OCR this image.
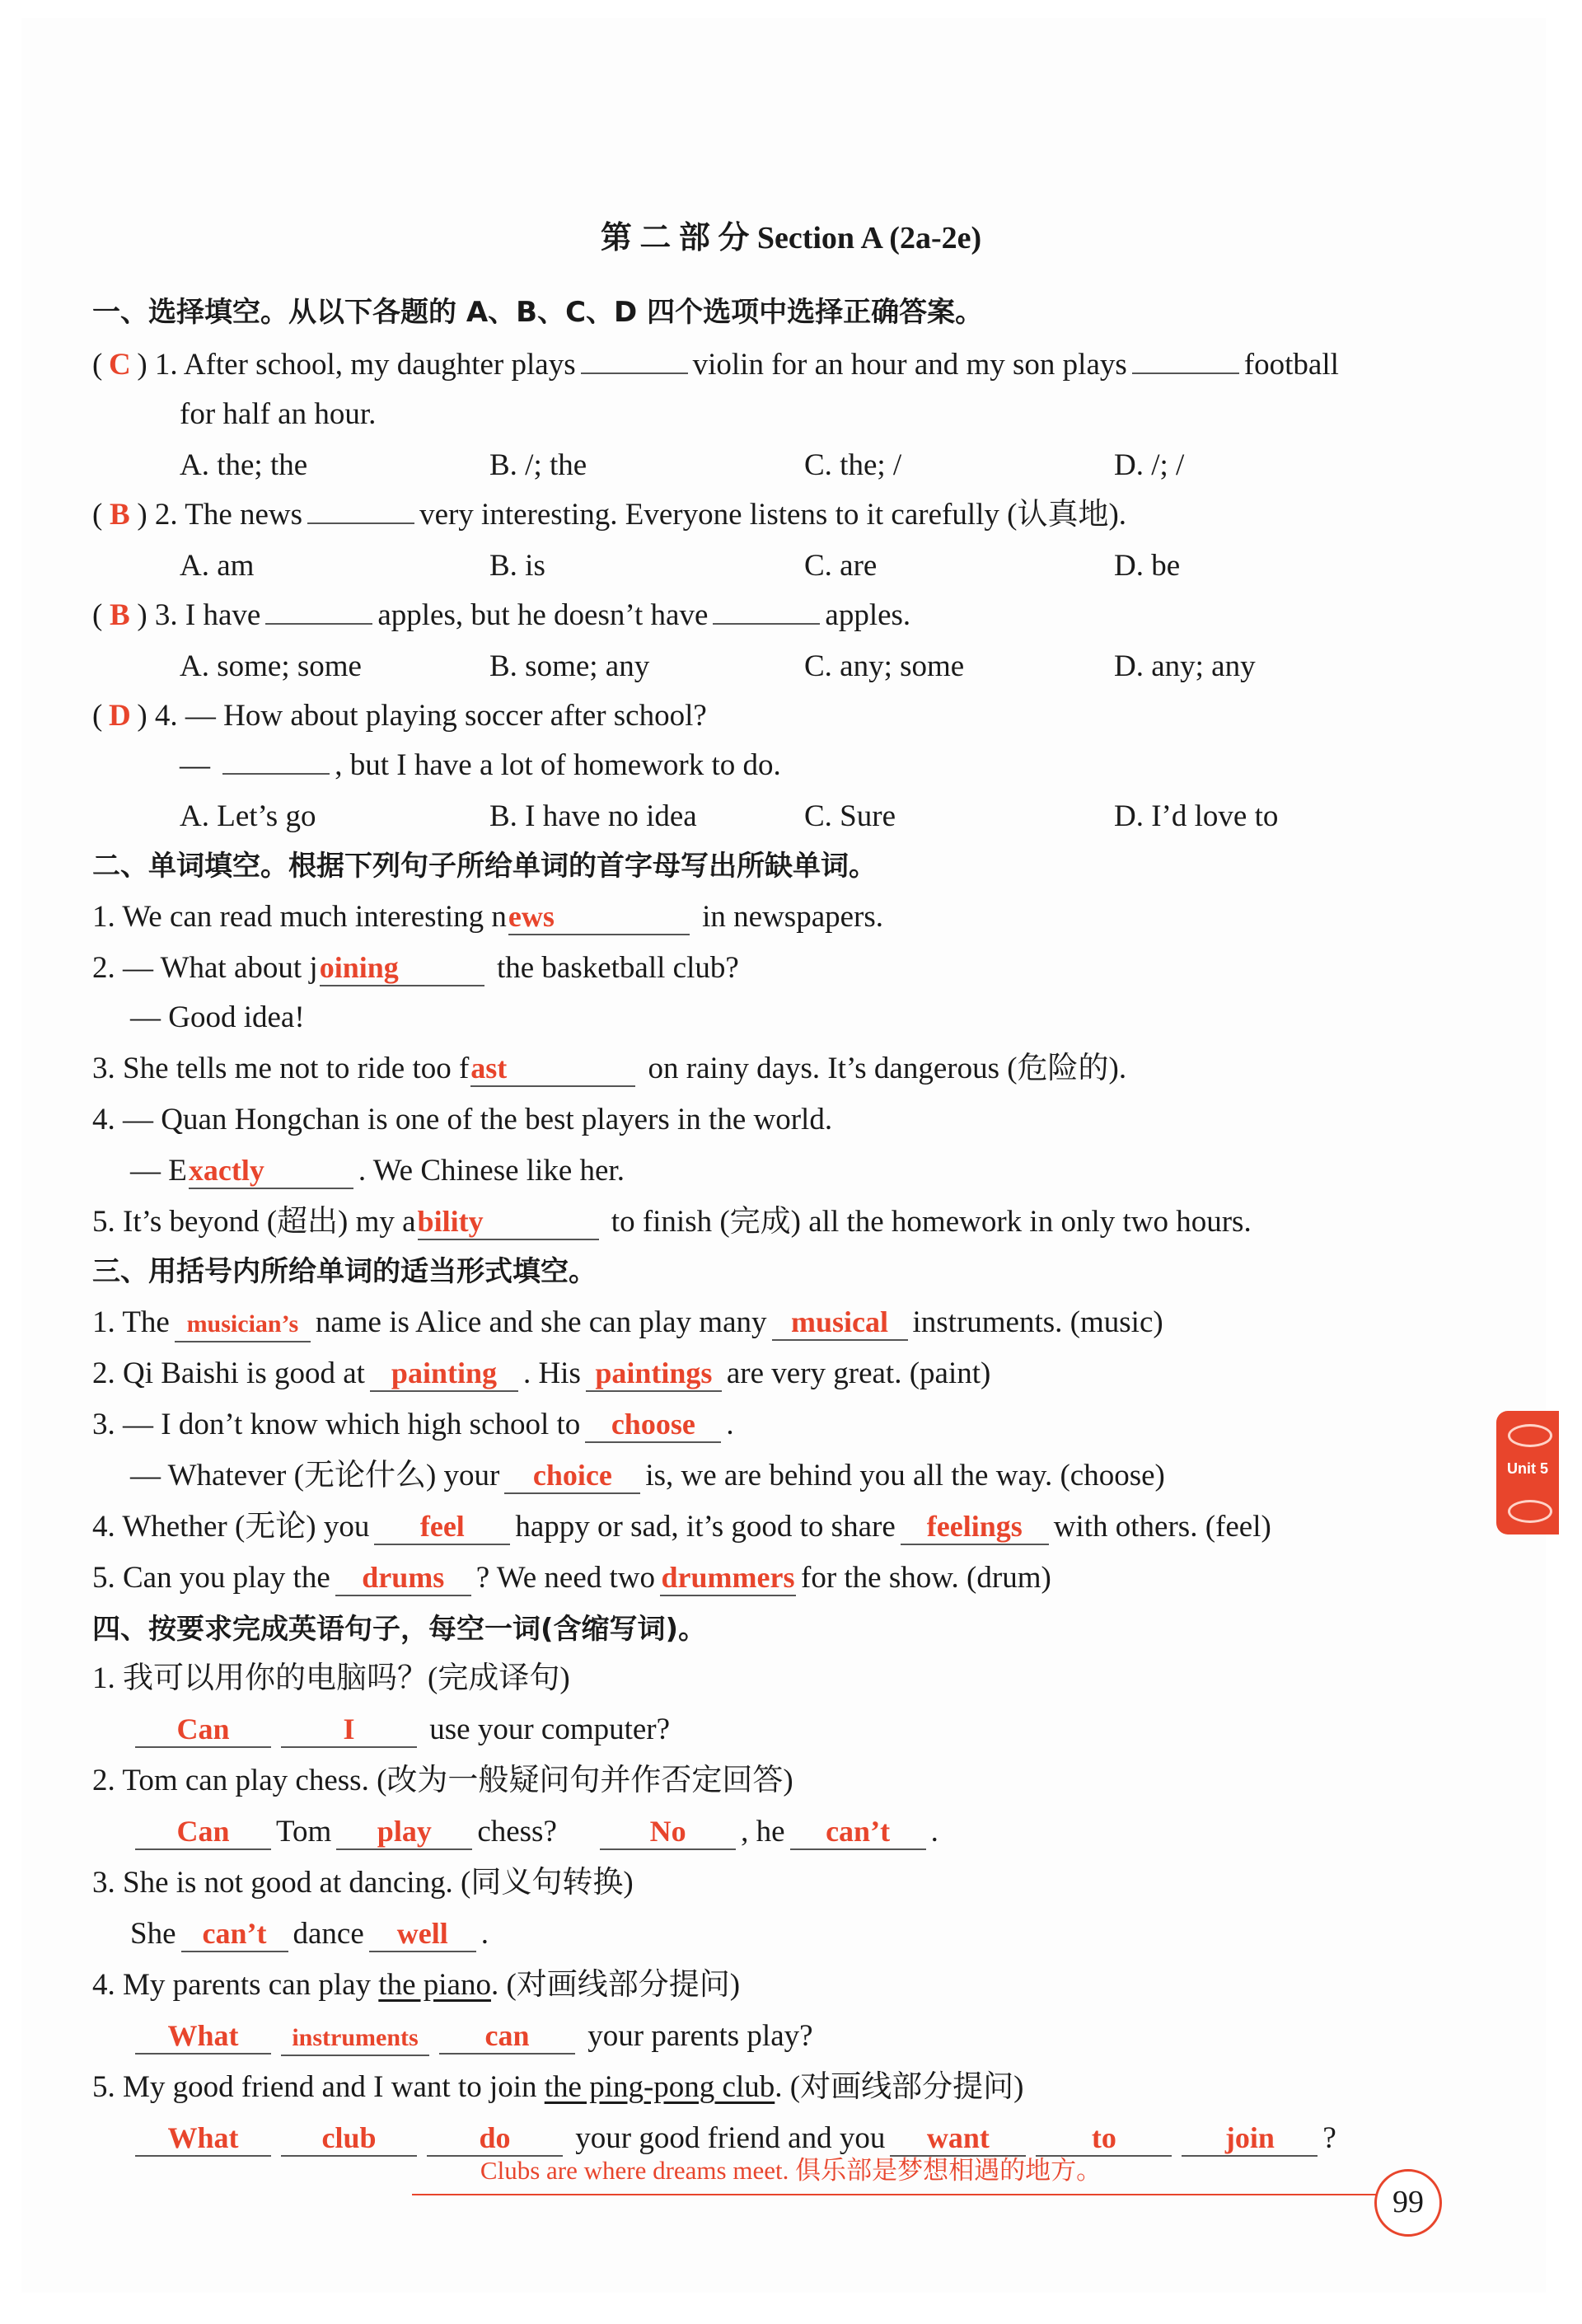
第 二 部 分 Section A (2a-2e)
一、选择填空。从以下各题的 A、B、C、D 四个选项中选择正确答案。
( C ) 1. After school, my daughter plays	violin for an hour and my son plays	football
for half an hour.
A. the; the	B. /; the	C. the; /	D. /; /
( B ) 2. The news	very interesting. Everyone listens to it carefully (认真地).
A. am	B. is	C. are	D. be
( B ) 3. I have	apples, but he doesn’t have	apples.
A. some; some	B. some; any	C. any; some	D. any; any
( D ) 4. — How about playing soccer after school?
—	, but I have a lot of homework to do.
A. Let’s go	B. I have no idea	C. Sure	D. I’d love to
二、单词填空。根据下列句子所给单词的首字母写出所缺单词。
1. We can read much interesting news	in newspapers.
2. — What about joining	the basketball club?
— Good idea!
3. She tells me not to ride too fast	on rainy days. It’s dangerous (危险的).
4. — Quan Hongchan is one of the best players in the world.
— Exactly	. We Chinese like her.
5. It’s beyond (超出) my ability	to finish (完成) all the homework in only two hours.
三、用括号内所给单词的适当形式填空。
1. The musician’s name is Alice and she can play many musical instruments. (music)
2. Qi Baishi is good at painting . His paintings are very great. (paint)
3. — I don’t know which high school to choose .
— Whatever (无论什么) your choice is, we are behind you all the way. (choose)
4. Whether (无论) you feel happy or sad, it’s good to share feelings with others. (feel)
5. Can you play the drums ? We need two drummers for the show. (drum)
四、按要求完成英语句子，每空一词(含缩写词)。
1. 我可以用你的电脑吗？(完成译句)
Can	I use your computer?
2. Tom can play chess. (改为一般疑问句并作否定回答)
Can Tom play chess?	No , he can’t .
3. She is not good at dancing. (同义句转换)
She can’t dance well .
4. My parents can play the piano. (对画线部分提问)
What instruments can your parents play?
5. My good friend and I want to join the ping-pong club. (对画线部分提问)
What	club	do your good friend and you want	to	join ?
Unit 5
Clubs are where dreams meet. 俱乐部是梦想相遇的地方。
99
